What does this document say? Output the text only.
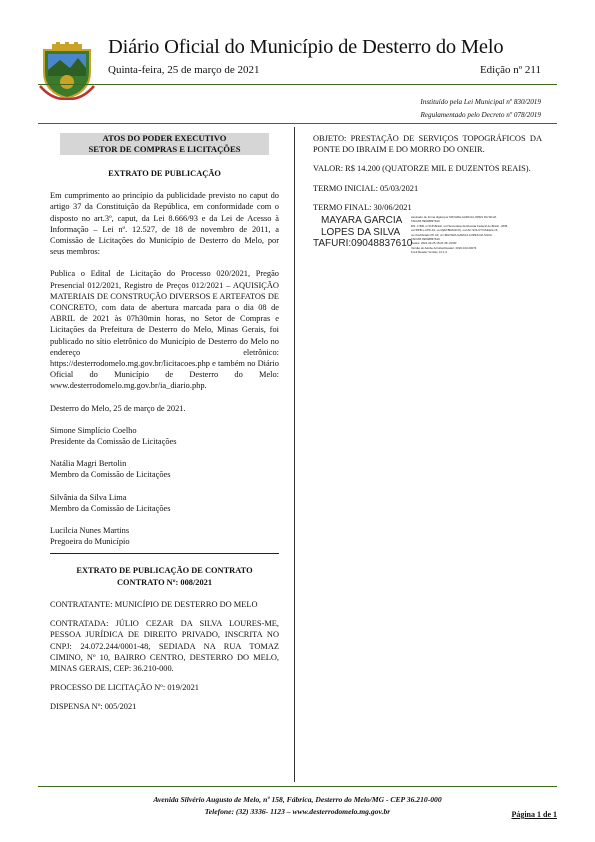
Diário Oficial do Município de Desterro do Melo
Quinta-feira, 25 de março de 2021	Edição nº 211
Instituído pela Lei Municipal nº 830/2019
Regulamentado pelo Decreto nº 078/2019
ATOS DO PODER EXECUTIVO
SETOR DE COMPRAS E LICITAÇÕES
EXTRATO DE PUBLICAÇÃO

Em cumprimento ao princípio da publicidade previsto no caput do artigo 37 da Constituição da República, em conformidade com o disposto no art.3º, caput, da Lei 8.666/93 e da Lei de Acesso à Informação – Lei nº. 12.527, de 18 de novembro de 2011, a Comissão de Licitações do Município de Desterro do Melo, por seus membros:

Publica o Edital de Licitação do Processo 020/2021, Pregão Presencial 012/2021, Registro de Preços 012/2021 – AQUISIÇÃO MATERIAIS DE CONSTRUÇÃO DIVERSOS E ARTEFATOS DE CONCRETO, com data de abertura marcada para o dia 08 de ABRIL de 2021 às 07h30min horas, no Setor de Compras e Licitações da Prefeitura de Desterro do Melo, Minas Gerais, foi publicado no sítio eletrônico do Município de Desterro do Melo no endereço eletrônico: https://desterrodomelo.mg.gov.br/licitacoes.php e também no Diário Oficial do Município de Desterro do Melo: www.desterrodomelo.mg.gov.br/ia_diario.php.

Desterro do Melo, 25 de março de 2021.

Simone Simplício Coelho

Presidente da Comissão de Licitações

Natália Magri Bertolin

Membro da Comissão de Licitações

Silvânia da Silva Lima

Membro da Comissão de Licitações

Lucilcia Nunes Martins

Pregoeira do Município

EXTRATO DE PUBLICAÇÃO DE CONTRATO
CONTRATO Nº: 008/2021

CONTRATANTE: MUNICÍPIO DE DESTERRO DO MELO

CONTRATADA: JÚLIO CEZAR DA SILVA LOURES-ME, PESSOA JURÍDICA DE DIREITO PRIVADO, INSCRITA NO CNPJ: 24.072.244/0001-48, SEDIADA NA RUA TOMAZ CIMINO, Nº 10, BAIRRO CENTRO, DESTERRO DO MELO, MINAS GERAIS, CEP: 36.210-000.

PROCESSO DE LICITAÇÃO Nº: 019/2021

DISPENSA Nº: 005/2021

OBJETO: PRESTAÇÃO DE SERVIÇOS TOPOGRÁFICOS DA PONTE DO IBRAIM E DO MORRO DO ONEIR.

VALOR: R$ 14.200 (QUATORZE MIL E DUZENTOS REAIS).

TERMO INICIAL: 05/03/2021

TERMO FINAL: 30/06/2021

MAYARA GARCIA
LOPES DA SILVA
TAFURI:09048837610
Assinado de forma digital por MAYARA GARCIA LOPES DA SILVA
TAFURI:09048837610
DN: c=BR, o=ICP-Brasil, ou=Secretaria da Receita Federal do Brasil - RFB,
ou=RFB e-CPF A3, ou=(EM BRANCO), ou=AC SOLUTI Multipla v5,
ou=Certificado PF A3, cn=MAYARA GARCIA LOPES DA SILVA
TAFURI:09048837610
Dados: 2021.03.25 15:21:38 -03'00'
Versão do Adobe Acrobat Reader: 2020.013.20074
Foxit Reader Versão: 10.1.0
Avenida Silvério Augusto de Melo, nº 158, Fábrica, Desterro do Melo/MG - CEP 36.210-000
Telefone: (32) 3336- 1123 – www.desterrodomelo.mg.gov.br	Página 1 de 1
